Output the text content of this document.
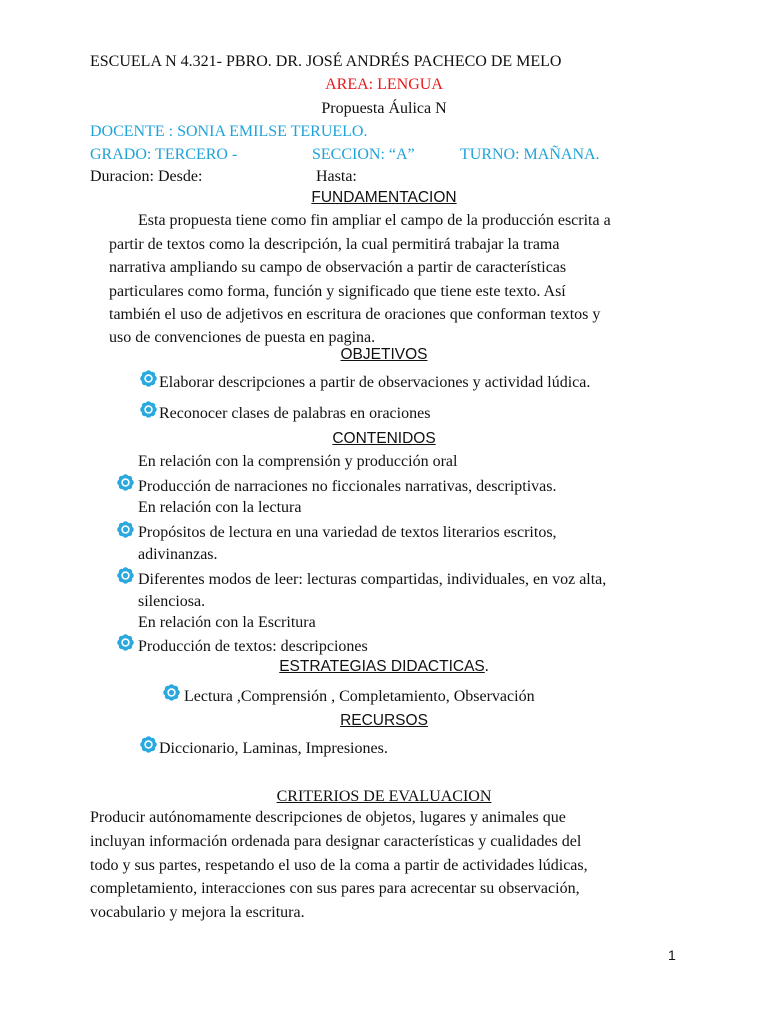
ESCUELA N 4.321- PBRO. DR. JOSÉ ANDRÉS PACHECO DE MELO
AREA: LENGUA
Propuesta Áulica N
DOCENTE : SONIA EMILSE TERUELO.
GRADO: TERCERO -	SECCION: “A”	TURNO: MAÑANA.
Duracion: Desde:	Hasta:
FUNDAMENTACION
Esta propuesta tiene como fin ampliar el campo de la producción escrita a
partir de textos como la descripción, la cual permitirá trabajar la trama
narrativa ampliando su campo de observación a partir de características
particulares como forma, función y significado que tiene este texto. Así
también el uso de adjetivos en escritura de oraciones que conforman textos y
uso de convenciones de puesta en pagina.
OBJETIVOS
Elaborar descripciones a partir de observaciones y actividad lúdica.
Reconocer clases de palabras en oraciones
CONTENIDOS
En relación con la comprensión y producción oral
Producción de narraciones no ficcionales narrativas, descriptivas.
En relación con la lectura
Propósitos de lectura en una variedad de textos literarios escritos,
adivinanzas.
Diferentes modos de leer: lecturas compartidas, individuales, en voz alta,
silenciosa.
En relación con la Escritura
Producción de textos: descripciones
ESTRATEGIAS DIDACTICAS.
Lectura ,Comprensión , Completamiento, Observación
RECURSOS
Diccionario, Laminas, Impresiones.
CRITERIOS DE EVALUACION
Producir autónomamente descripciones de objetos, lugares y animales que
incluyan información ordenada para designar características y cualidades del
todo y sus partes, respetando el uso de la coma a partir de actividades lúdicas,
completamiento, interacciones con sus pares para acrecentar su observación,
vocabulario y mejora la escritura.
1
